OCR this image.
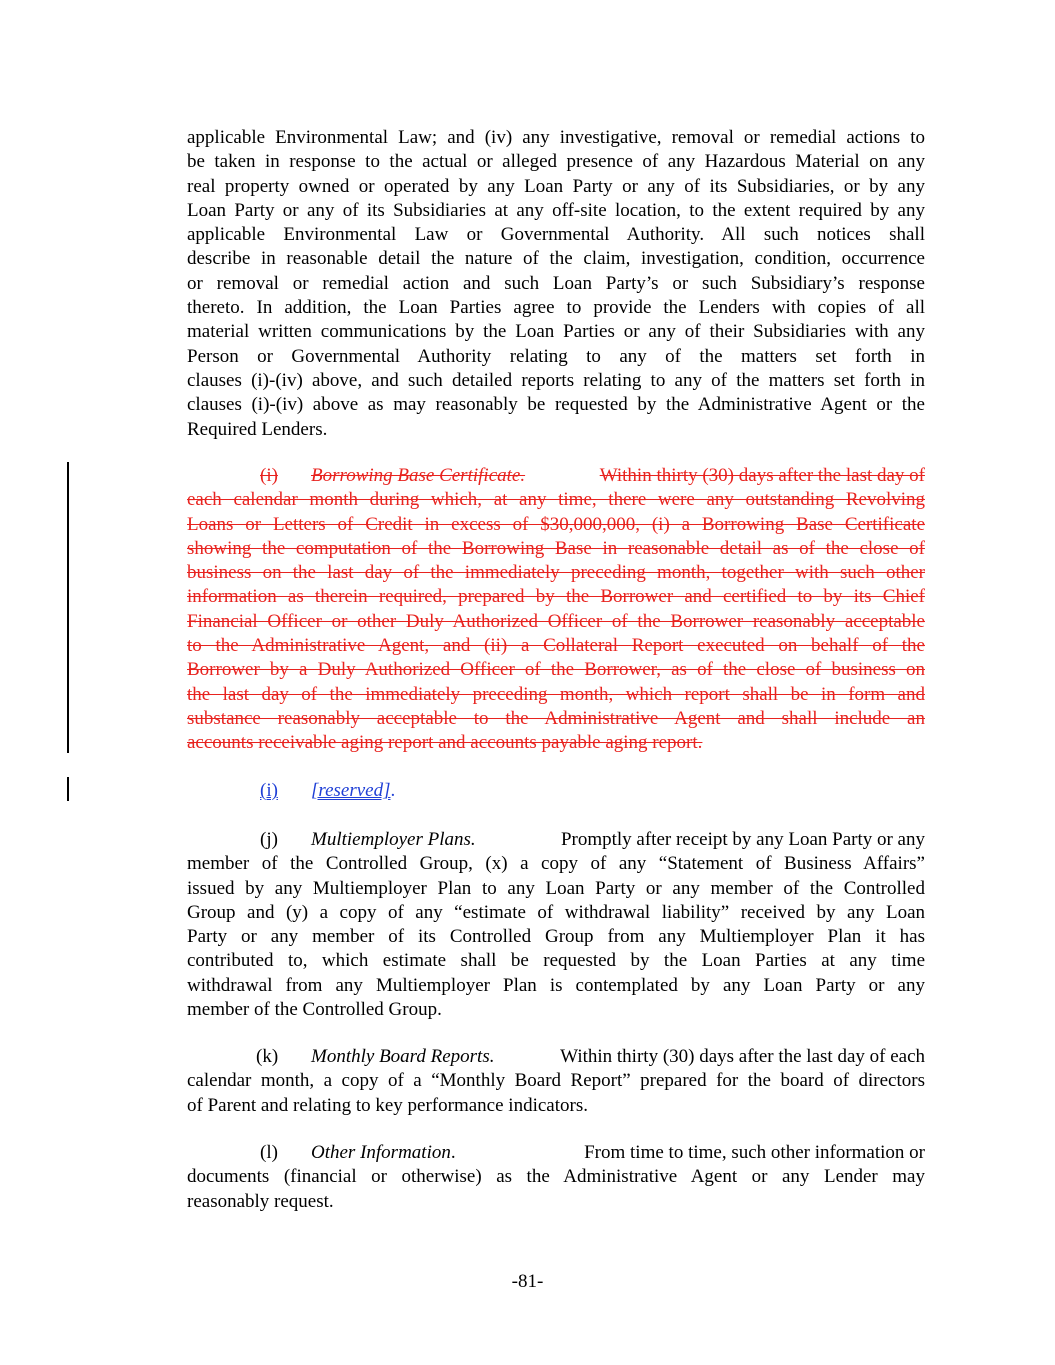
applicable Environmental Law; and (iv) any investigative, removal or remedial actions to
be taken in response to the actual or alleged presence of any Hazardous Material on any
real property owned or operated by any Loan Party or any of its Subsidiaries, or by any
Loan Party or any of its Subsidiaries at any off-site location, to the extent required by any
applicable Environmental Law or Governmental Authority. All such notices shall
describe in reasonable detail the nature of the claim, investigation, condition, occurrence
or removal or remedial action and such Loan Party’s or such Subsidiary’s response
thereto. In addition, the Loan Parties agree to provide the Lenders with copies of all
material written communications by the Loan Parties or any of their Subsidiaries with any
Person or Governmental Authority relating to any of the matters set forth in
clauses (i)-(iv) above, and such detailed reports relating to any of the matters set forth in
clauses (i)-(iv) above as may reasonably be requested by the Administrative Agent or the
Required Lenders.
(i)	Borrowing Base Certificate.	Within thirty (30) days after the last day of
each calendar month during which, at any time, there were any outstanding Revolving
Loans or Letters of Credit in excess of $30,000,000, (i) a Borrowing Base Certificate
showing the computation of the Borrowing Base in reasonable detail as of the close of
business on the last day of the immediately preceding month, together with such other
information as therein required, prepared by the Borrower and certified to by its Chief
Financial Officer or other Duly Authorized Officer of the Borrower reasonably acceptable
to the Administrative Agent, and (ii) a Collateral Report executed on behalf of the
Borrower by a Duly Authorized Officer of the Borrower, as of the close of business on
the last day of the immediately preceding month, which report shall be in form and
substance reasonably acceptable to the Administrative Agent and shall include an
accounts receivable aging report and accounts payable aging report.
(i) [reserved].
(j)	Multiemployer Plans.	Promptly after receipt by any Loan Party or any
member of the Controlled Group, (x) a copy of any “Statement of Business Affairs”
issued by any Multiemployer Plan to any Loan Party or any member of the Controlled
Group and (y) a copy of any “estimate of withdrawal liability” received by any Loan
Party or any member of its Controlled Group from any Multiemployer Plan it has
contributed to, which estimate shall be requested by the Loan Parties at any time
withdrawal from any Multiemployer Plan is contemplated by any Loan Party or any
member of the Controlled Group.
(k)	Monthly Board Reports.	Within thirty (30) days after the last day of each
calendar month, a copy of a “Monthly Board Report” prepared for the board of directors
of Parent and relating to key performance indicators.
(l)	Other Information .	From time to time, such other information or
documents (financial or otherwise) as the Administrative Agent or any Lender may
reasonably request.
-81-
